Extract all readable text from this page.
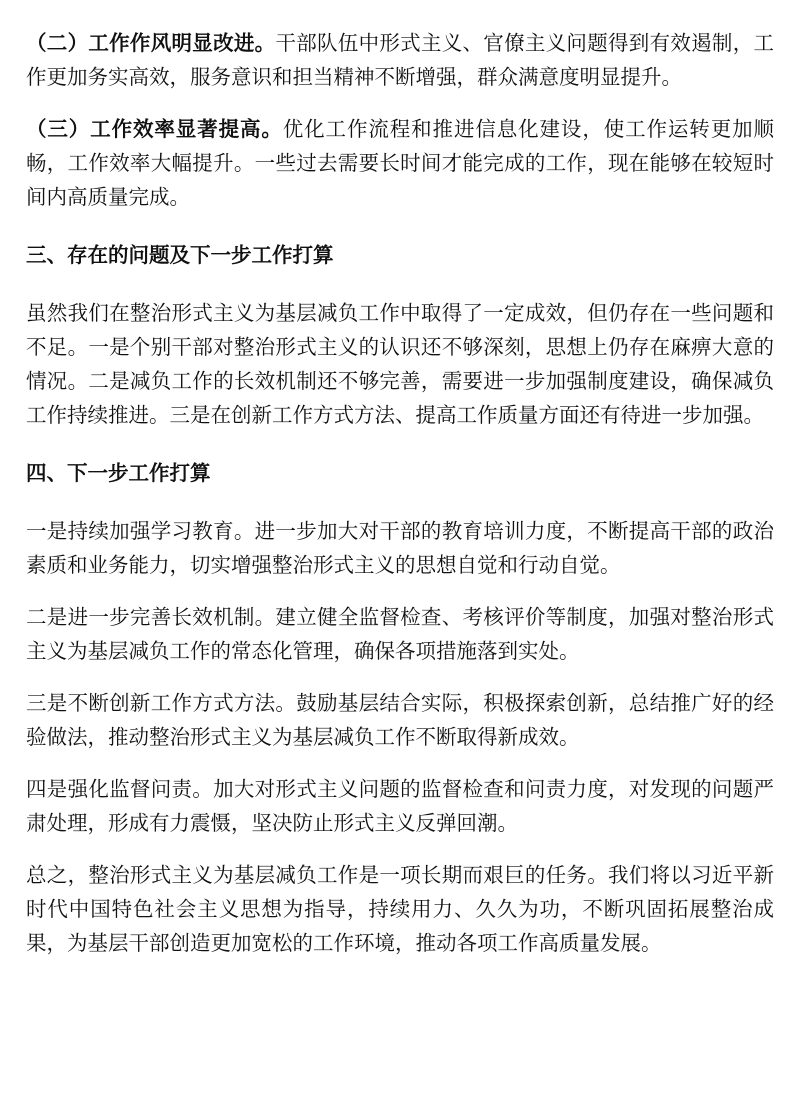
（二）工作作风明显改进。干部队伍中形式主义、官僚主义问题得到有效遏制，工作更加务实高效，服务意识和担当精神不断增强，群众满意度明显提升。

（三）工作效率显著提高。优化工作流程和推进信息化建设，使工作运转更加顺畅，工作效率大幅提升。一些过去需要长时间才能完成的工作，现在能够在较短时间内高质量完成。

三、存在的问题及下一步工作打算

虽然我们在整治形式主义为基层减负工作中取得了一定成效，但仍存在一些问题和不足。一是个别干部对整治形式主义的认识还不够深刻，思想上仍存在麻痹大意的情况。二是减负工作的长效机制还不够完善，需要进一步加强制度建设，确保减负工作持续推进。三是在创新工作方式方法、提高工作质量方面还有待进一步加强。

四、下一步工作打算

一是持续加强学习教育。进一步加大对干部的教育培训力度，不断提高干部的政治素质和业务能力，切实增强整治形式主义的思想自觉和行动自觉。

二是进一步完善长效机制。建立健全监督检查、考核评价等制度，加强对整治形式主义为基层减负工作的常态化管理，确保各项措施落到实处。

三是不断创新工作方式方法。鼓励基层结合实际，积极探索创新，总结推广好的经验做法，推动整治形式主义为基层减负工作不断取得新成效。

四是强化监督问责。加大对形式主义问题的监督检查和问责力度，对发现的问题严肃处理，形成有力震慑，坚决防止形式主义反弹回潮。

总之，整治形式主义为基层减负工作是一项长期而艰巨的任务。我们将以习近平新时代中国特色社会主义思想为指导，持续用力、久久为功，不断巩固拓展整治成果，为基层干部创造更加宽松的工作环境，推动各项工作高质量发展。
